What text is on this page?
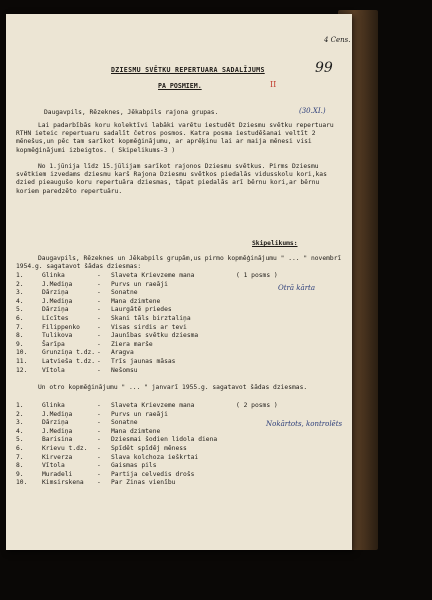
4 Cens.
99
DZIESMU SVĒTKU REPERTUARA SADALĪJUMS
PA POSMIEM.	II
Daugavpils, Rēzeknes, Jēkabpils rajona grupas.	(30.XI.)
Lai padarbībās koru kolektīvi labāki varētu iestudēt Dziesmu svētku repertuaru RTHN ieteic repertuaru sadalīt četros posmos. Katra posma iestudēšanai veltīt 2 mēnešus,un pēc tam sarīkot kopmēģinājumu, ar aprēķinu lai ar maija mēnesi visi kopmēģinājumi izbeigtos. ( Skipelikums-3 )
No 1.jūnija līdz 15.jūlijam sarīkot rajonos Dziesmu svētkus. Pirms Dziesmu svētkiem izvedams dziesmu karš Rajona Dziesmu svētkos piedalās vidusskolu kori,kas dzied pieaugušo koru repertuāra dziesmas, tāpat piedalās arī bērnu kori,ar bērnu koriem paredzēto repertuāru.
Skipelikums:
Daugavpils, Rēzeknes un Jēkabpils grupām,us pirmo kopmēģinājumu " ... " novembrī 1954.g. sagatavot šādas dziesmas:
( 1 posms )
Otrā kārta
1.	Glinka	-	Slaveta Krievzeme mana
2.	J.Mediņa	-	Purvs un raeāji
3.	Dārziņa	-	Sonatne
4.	J.Mediņa	-	Mana dzimtene
5.	Dārziņa	-	Laurgātē priedes
6.	Līcītes	-	Skani tāls birztaliņa
7.	Filippenko	-	Visas sirdis ar tevi
8.	Tulikova	-	Jaunības svētku dziesma
9.	Šarīpa	-	Ziera marše
10.	Grunziņa t.dz. -	Aragva
11.	Latvieša t.dz. -	Trīs jaunas māsas
12.	Vītola	-	Nešomsu
Un otro kopmēģinājumu " ... " janvarī 1955.g. sagatavot šādas dziesmas.
( 2 posms )
Nokārtots, kontrolēts
1.	Glinka	-	Slaveta Krievzeme mana
2.	J.Mediņa	-	Purvs un raeāji
3.	Dārziņa	-	Sonatne
4.	J.Mediņa	-	Mana dzimtene
5.	Barisina	-	Dziesmai šodien lidola diena
6.	Krievu t.dz.	-	Spīdēt spīdēj mēness
7.	Kirverza	-	Slava kolchoza ieškrtai
8.	Vītola	-	Gaismas pils
9.	Muradeli	-	Partija celvedis drošs
10.	Kimsirskena	-	Par Zinas vienību
